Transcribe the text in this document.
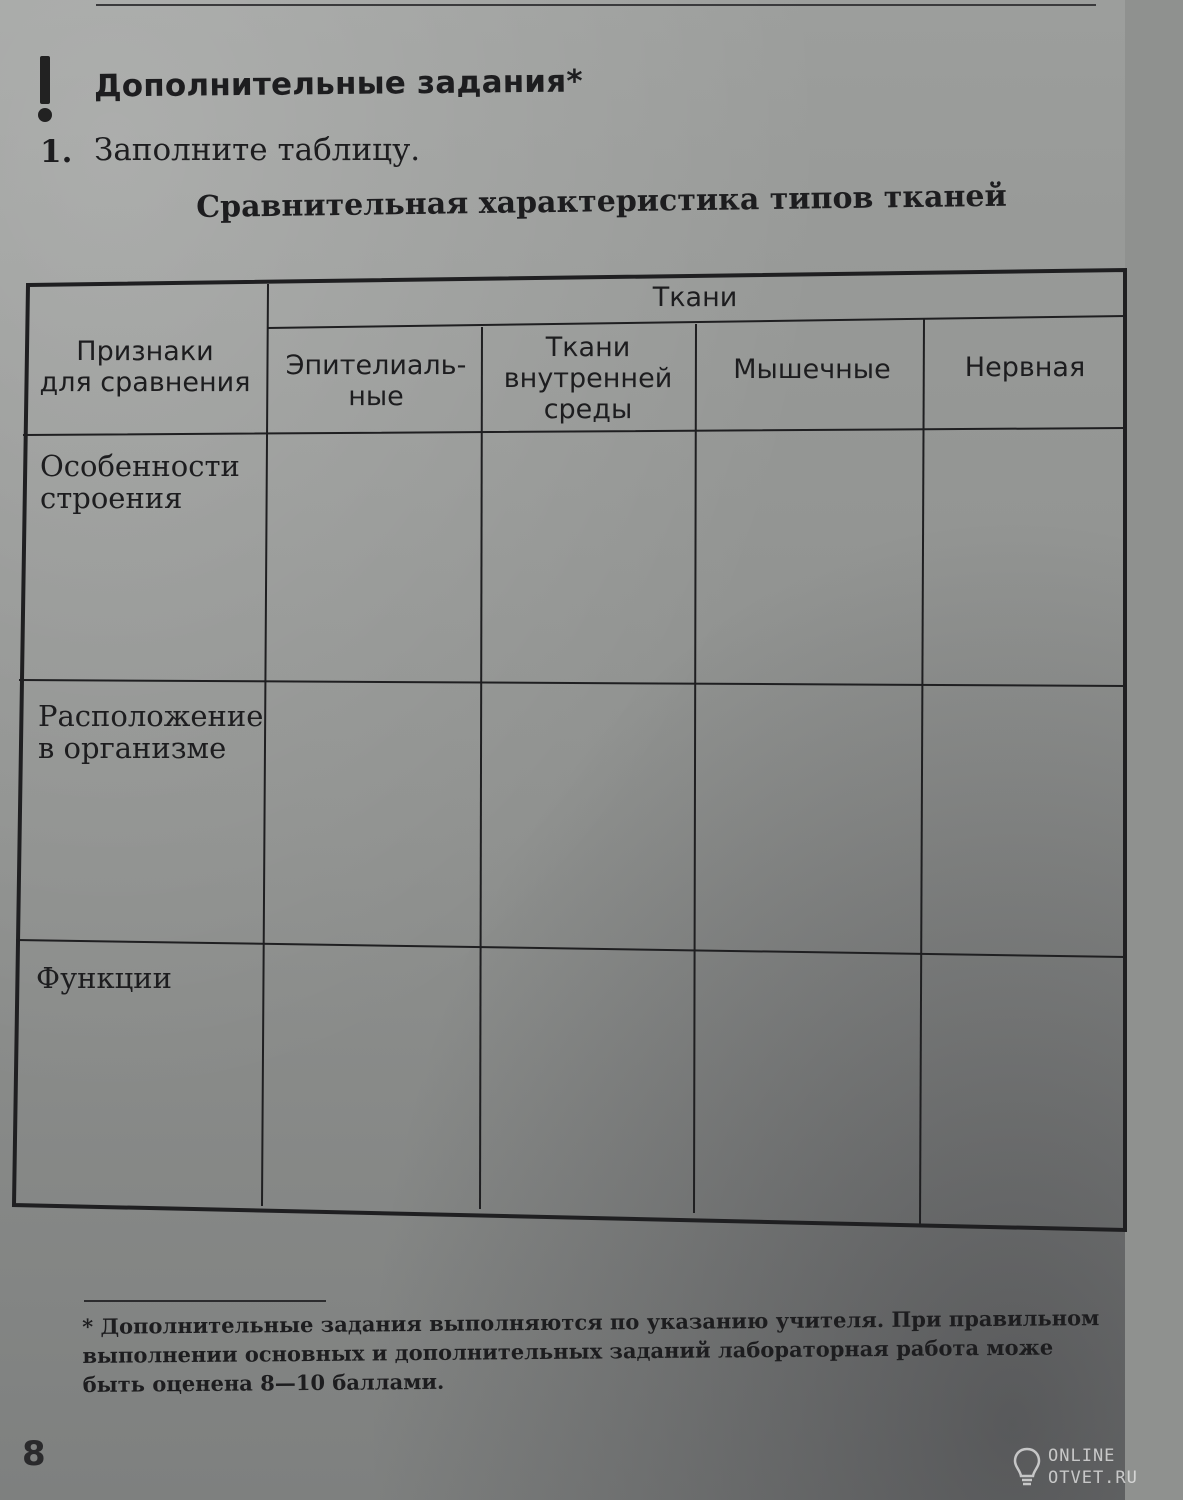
Дополнительные задания*
1. Заполните таблицу.
Сравнительная характеристика типов тканей
Ткани
Признаки
для сравнения
Эпителиаль-
ные
Ткани
внутренней
среды
Мышечные	Нервная
Особенности
строения
Расположение
в организме
Функции
* Дополнительные задания выполняются по указанию учителя. При правильном
выполнении основных и дополнительных заданий лабораторная работа може
быть оценена 8—10 баллами.
8	ONLINE
OTVET.RU
